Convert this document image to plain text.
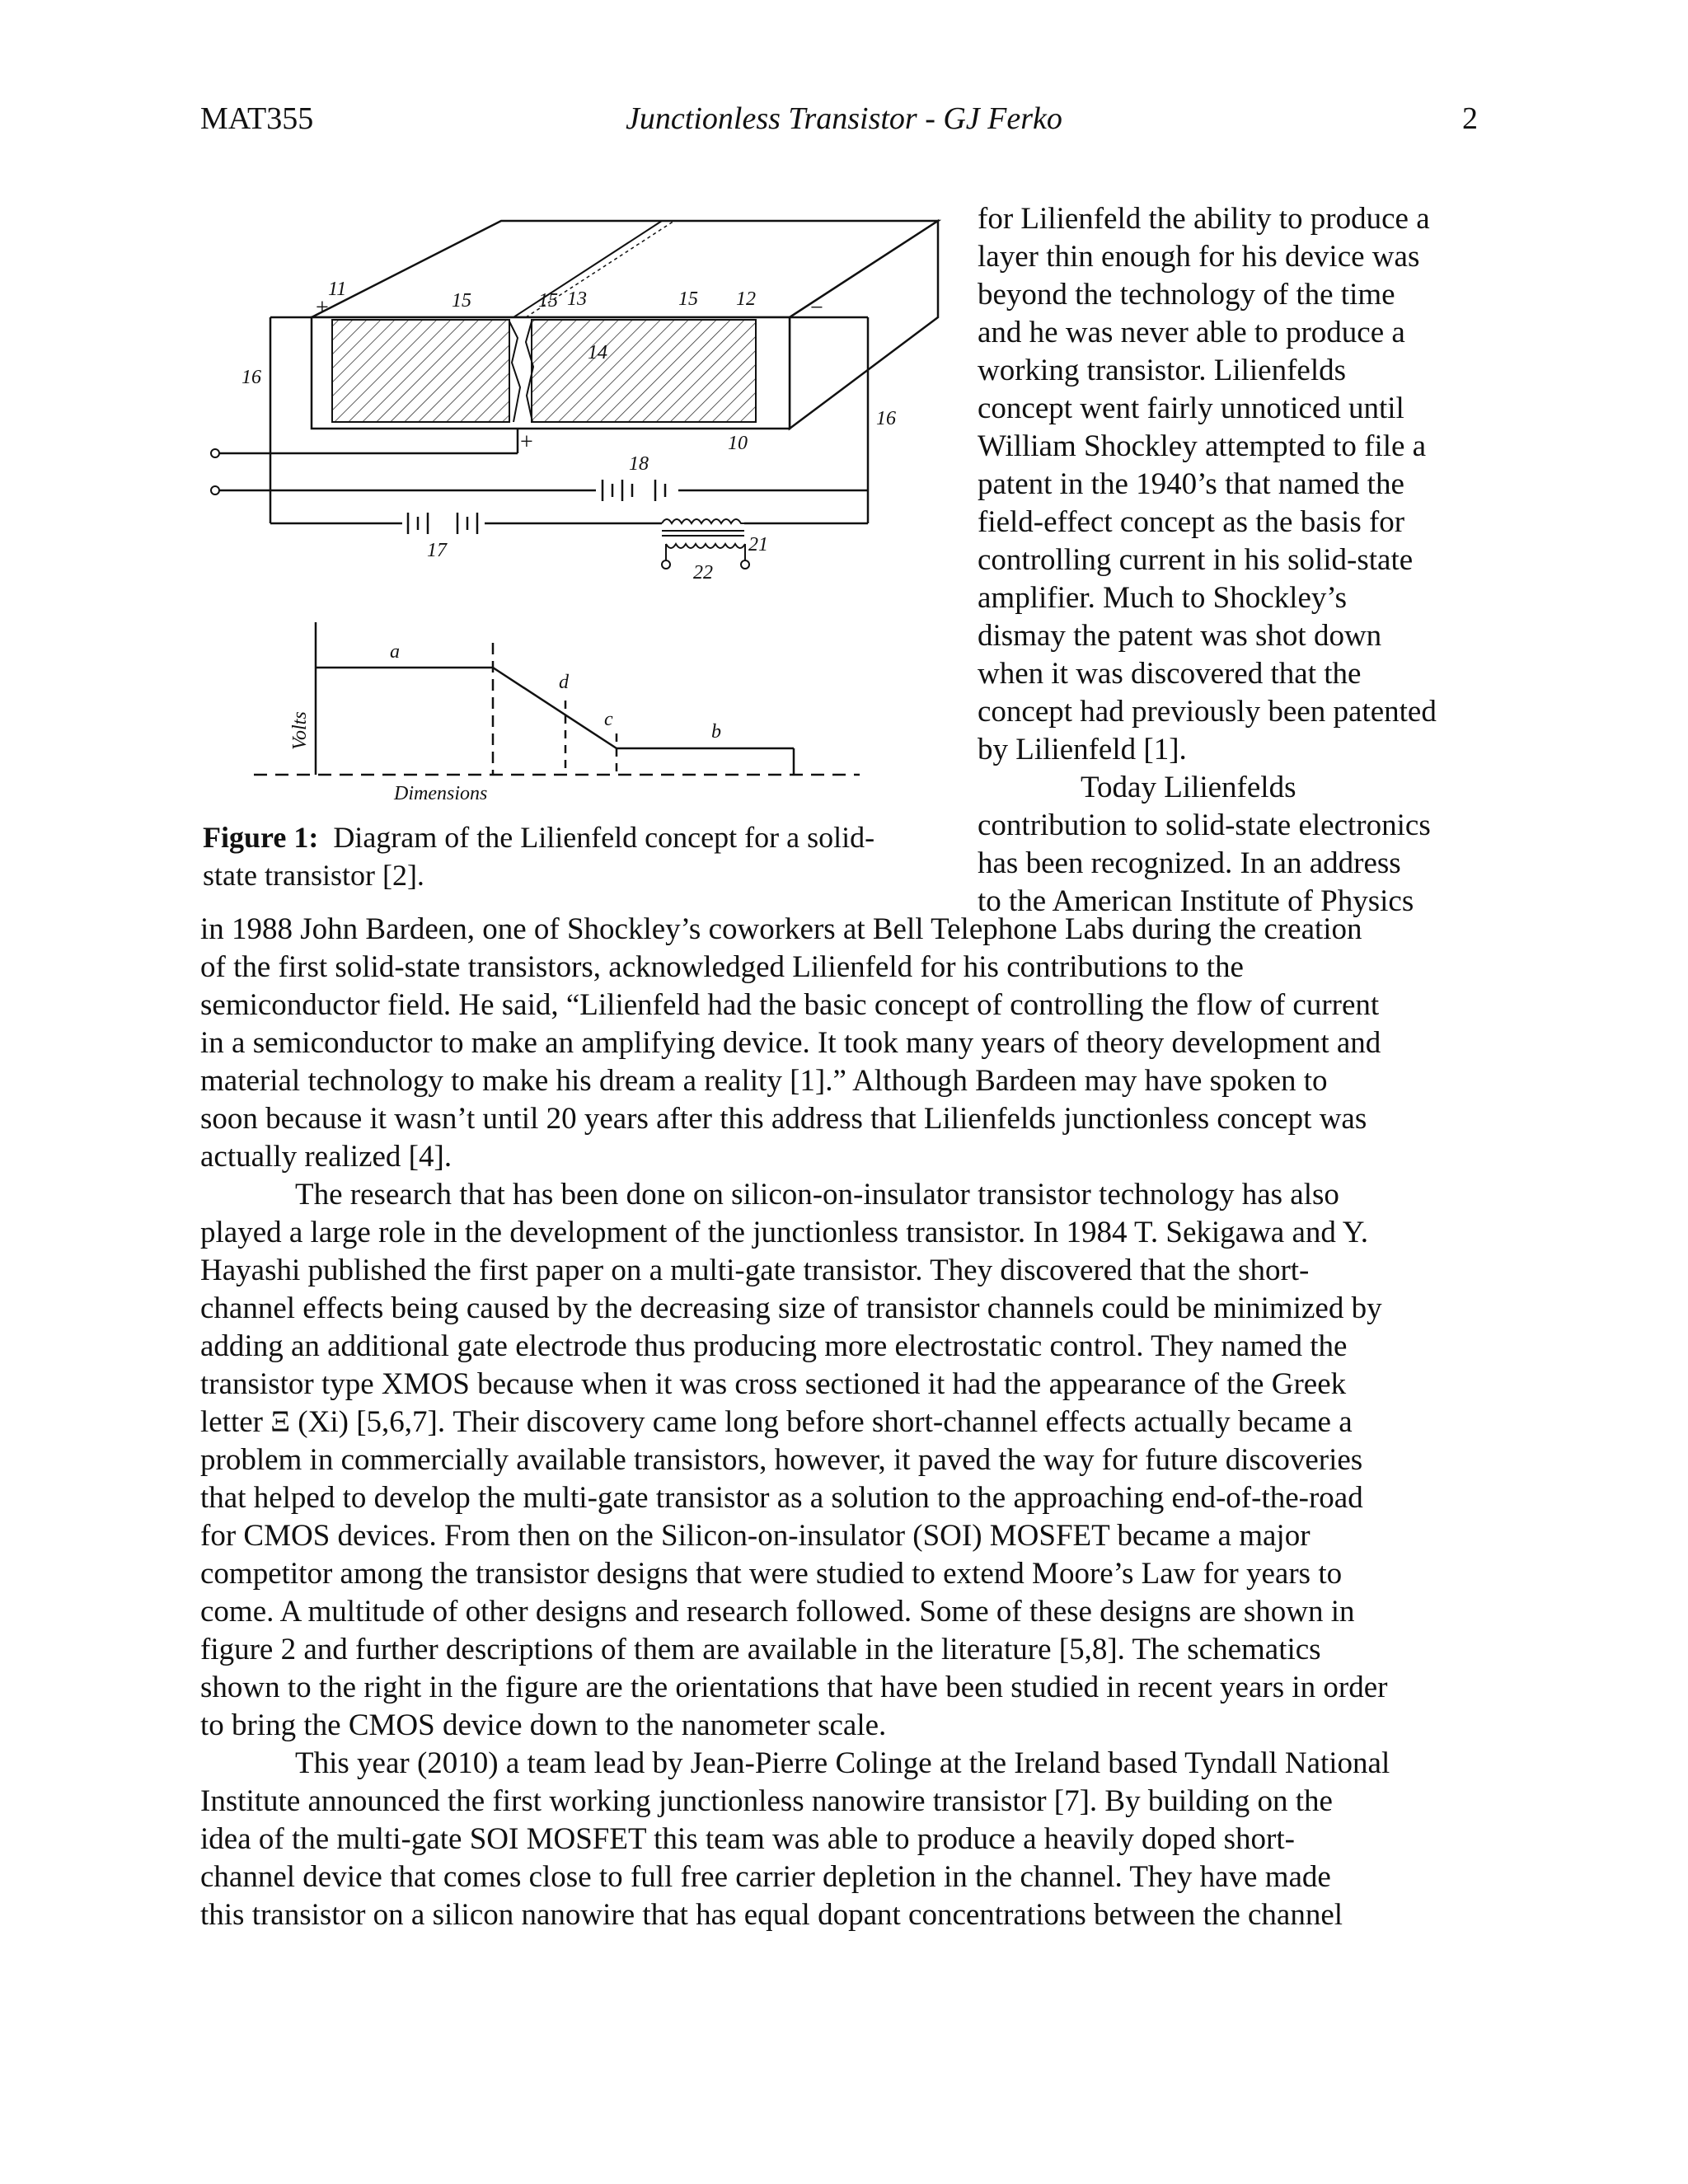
MAT355	Junctionless Transistor - GJ Ferko	2
11
15	15 13	15 12
14
16
16
10
18
17	21
22
a
d
c
b
Dimensions
Volts
+
+
−
Figure 1: Diagram of the Lilienfeld concept for a solid-
state transistor [2].
for Lilienfeld the ability to produce a
layer thin enough for his device was
beyond the technology of the time
and he was never able to produce a
working transistor. Lilienfelds
concept went fairly unnoticed until
William Shockley attempted to file a
patent in the 1940’s that named the
field-effect concept as the basis for
controlling current in his solid-state
amplifier. Much to Shockley’s
dismay the patent was shot down
when it was discovered that the
concept had previously been patented
by Lilienfeld [1].
Today Lilienfelds
contribution to solid-state electronics
has been recognized. In an address
to the American Institute of Physics
in 1988 John Bardeen, one of Shockley’s coworkers at Bell Telephone Labs during the creation
of the first solid-state transistors, acknowledged Lilienfeld for his contributions to the
semiconductor field. He said, “Lilienfeld had the basic concept of controlling the flow of current
in a semiconductor to make an amplifying device. It took many years of theory development and
material technology to make his dream a reality [1].” Although Bardeen may have spoken to
soon because it wasn’t until 20 years after this address that Lilienfelds junctionless concept was
actually realized [4].
The research that has been done on silicon-on-insulator transistor technology has also
played a large role in the development of the junctionless transistor. In 1984 T. Sekigawa and Y.
Hayashi published the first paper on a multi-gate transistor. They discovered that the short-
channel effects being caused by the decreasing size of transistor channels could be minimized by
adding an additional gate electrode thus producing more electrostatic control. They named the
transistor type XMOS because when it was cross sectioned it had the appearance of the Greek
letter Ξ (Xi) [5,6,7]. Their discovery came long before short-channel effects actually became a
problem in commercially available transistors, however, it paved the way for future discoveries
that helped to develop the multi-gate transistor as a solution to the approaching end-of-the-road
for CMOS devices. From then on the Silicon-on-insulator (SOI) MOSFET became a major
competitor among the transistor designs that were studied to extend Moore’s Law for years to
come. A multitude of other designs and research followed. Some of these designs are shown in
figure 2 and further descriptions of them are available in the literature [5,8]. The schematics
shown to the right in the figure are the orientations that have been studied in recent years in order
to bring the CMOS device down to the nanometer scale.
This year (2010) a team lead by Jean-Pierre Colinge at the Ireland based Tyndall National
Institute announced the first working junctionless nanowire transistor [7]. By building on the
idea of the multi-gate SOI MOSFET this team was able to produce a heavily doped short-
channel device that comes close to full free carrier depletion in the channel. They have made
this transistor on a silicon nanowire that has equal dopant concentrations between the channel
